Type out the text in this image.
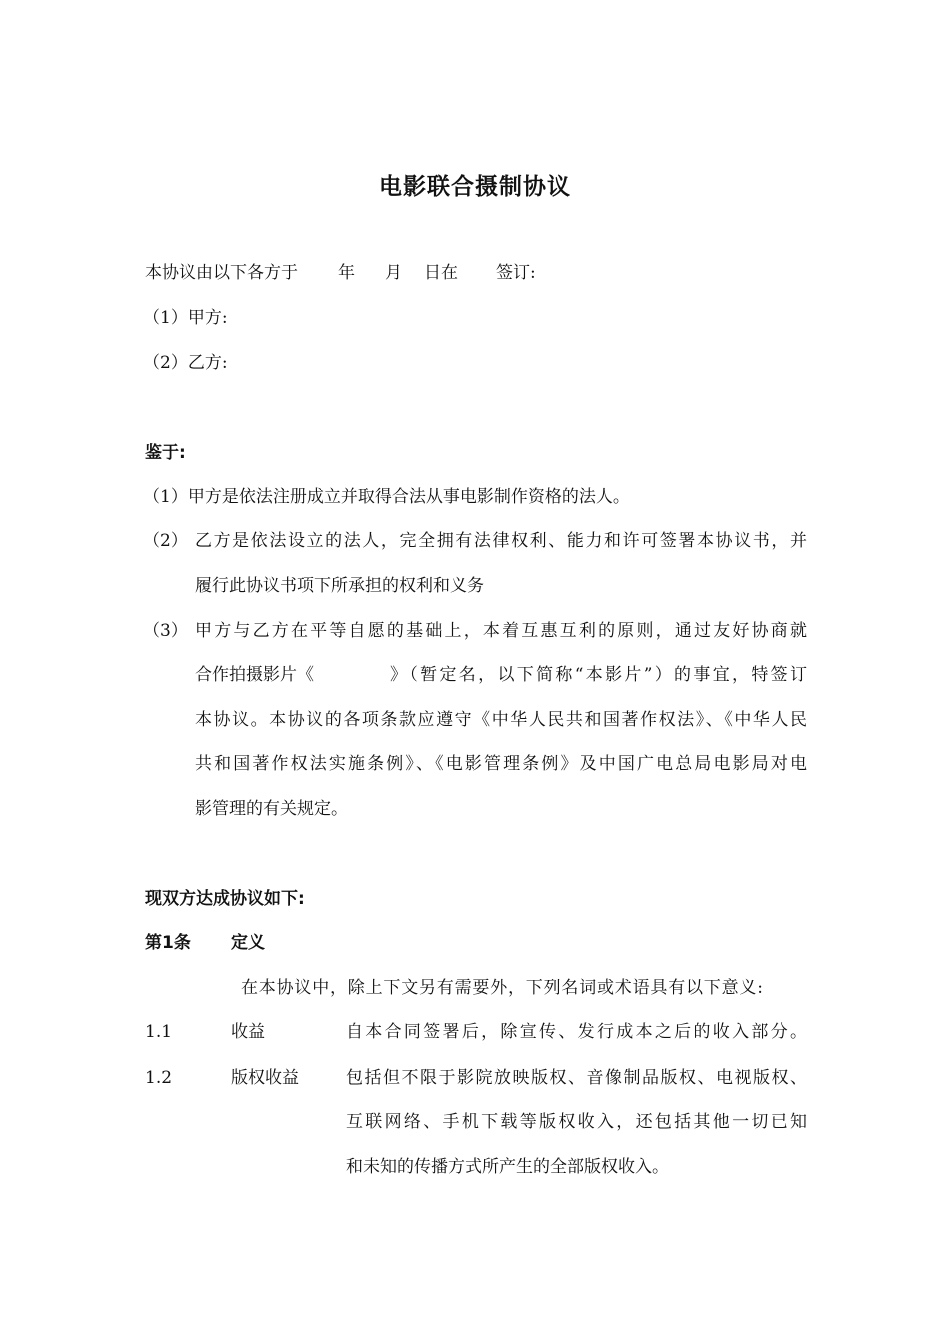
电影联合摄制协议
本协议由以下各方于 年 月 日在 签订:
（1）甲方:
（2）乙方:
鉴于:
（1）甲方是依法注册成立并取得合法从事电影制作资格的法人。
（2） 乙方是依法设立的法人，完全拥有法律权利、能力和许可签署本协议书，并
履行此协议书项下所承担的权利和义务
（3） 甲方与乙方在平等自愿的基础上，本着互惠互利的原则，通过友好协商就
合作拍摄影片《	》（暂定名，以下简称“本影片”）的事宜，特签订
本协议。本协议的各项条款应遵守《中华人民共和国著作权法》、《中华人民
共和国著作权法实施条例》、《电影管理条例》及中国广电总局电影局对电
影管理的有关规定。
现双方达成协议如下:
第1条 定义
在本协议中，除上下文另有需要外，下列名词或术语具有以下意义:
1.1	收益	自本合同签署后，除宣传、发行成本之后的收入部分。
1.2	版权收益	包括但不限于影院放映版权、音像制品版权、电视版权、
互联网络、手机下载等版权收入，还包括其他一切已知
和未知的传播方式所产生的全部版权收入。
